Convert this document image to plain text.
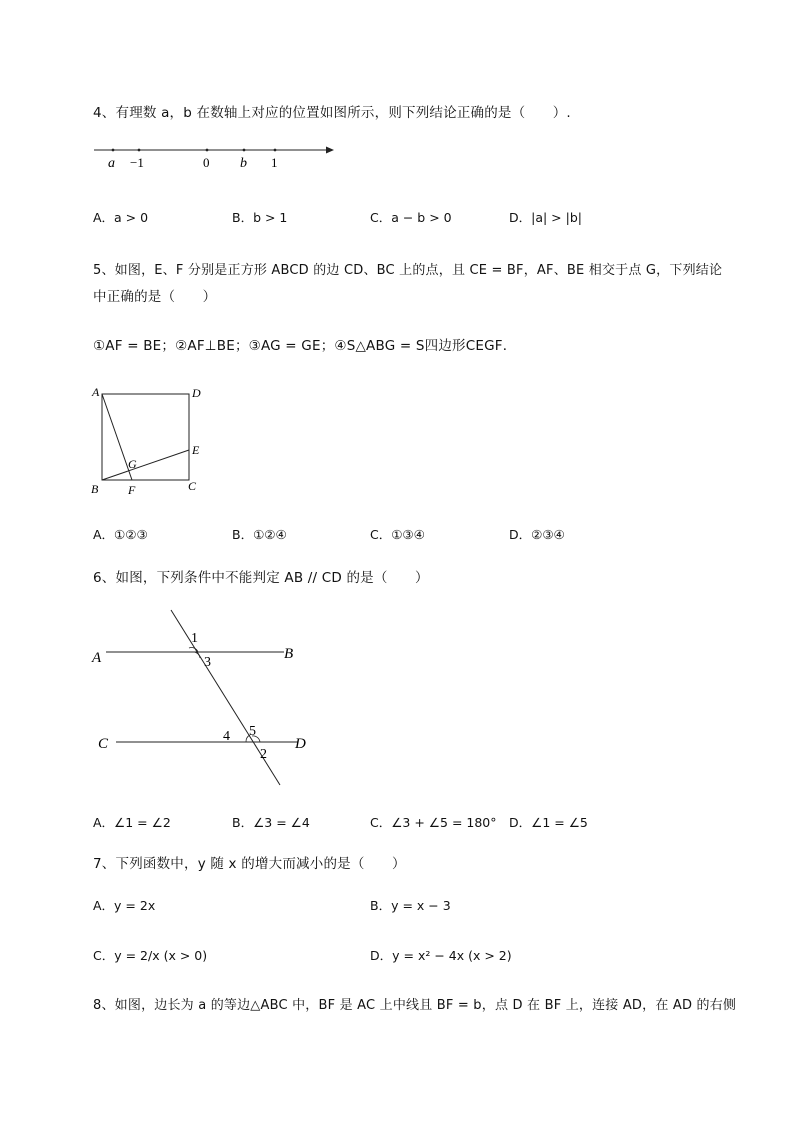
4、有理数 a，b 在数轴上对应的位置如图所示，则下列结论正确的是（　　）.
a −1	0 b 1
A．a > 0	B．b > 1	C．a − b > 0	D．|a| > |b|
5、如图，E、F 分别是正方形 ABCD 的边 CD、BC 上的点，且 CE = BF，AF、BE 相交于点 G，下列结论
中正确的是（　　）
①AF = BE；②AF⊥BE；③AG = GE；④S△ABG = S四边形CEGF．
A	D
E
G
B F	C
A．①②③	B．①②④	C．①③④	D．②③④
6、如图，下列条件中不能判定 AB // CD 的是（　　）
A	B
C	D
1
2
3
4 5
A．∠1 = ∠2	B．∠3 = ∠4	C．∠3 + ∠5 = 180° D．∠1 = ∠5
7、下列函数中，y 随 x 的增大而减小的是（　　）
A．y = 2x	B．y = x − 3
C．y = 2/x (x > 0)	D．y = x² − 4x (x > 2)
8、如图，边长为 a 的等边△ABC 中，BF 是 AC 上中线且 BF = b，点 D 在 BF 上，连接 AD，在 AD 的右侧
